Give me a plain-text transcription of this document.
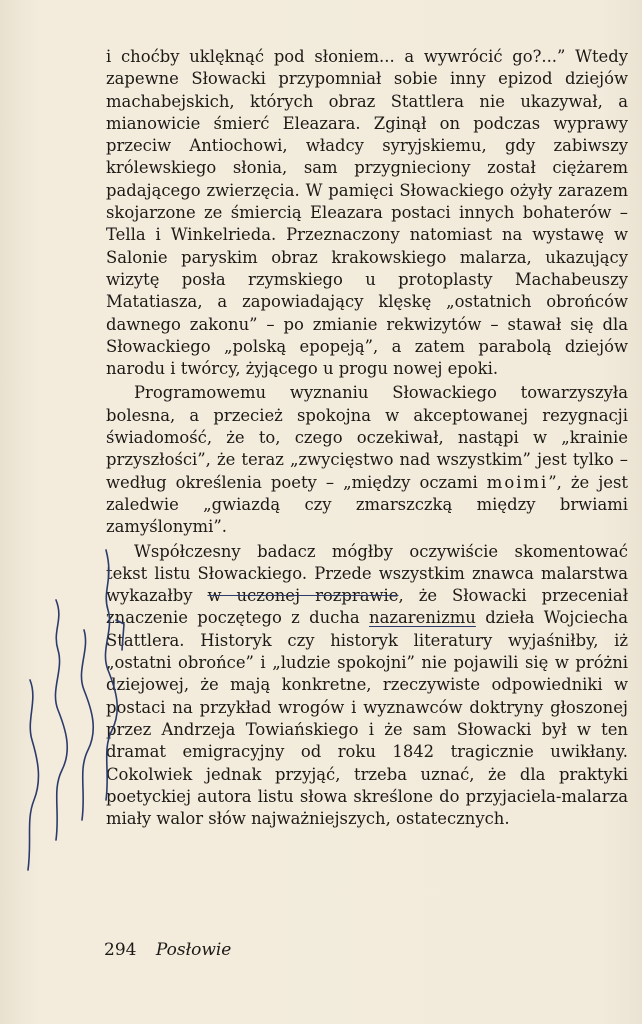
i choćby uklęknąć pod słoniem... a wywrócić go?...” Wtedy zapewne Słowacki przypomniał sobie inny epizod dziejów machabejskich, których obraz Stattlera nie ukazywał, a mianowicie śmierć Eleazara. Zginął on podczas wyprawy przeciw Antiochowi, władcy syryjskiemu, gdy zabiwszy królewskiego słonia, sam przygnieciony został ciężarem padającego zwierzęcia. W pamięci Słowackiego ożyły zarazem skojarzone ze śmiercią Eleazara postaci innych bohaterów – Tella i Winkelrieda. Przeznaczony natomiast na wystawę w Salonie paryskim obraz krakowskiego malarza, ukazujący wizytę posła rzymskiego u protoplasty Machabeuszy Matatiasza, a zapowiadający klęskę „ostatnich obrońców dawnego zakonu” – po zmianie rekwizytów – stawał się dla Słowackiego „polską epopeją”, a zatem parabolą dziejów narodu i twórcy, żyjącego u progu nowej epoki.

Programowemu wyznaniu Słowackiego towarzyszyła bolesna, a przecież spokojna w akceptowanej rezygnacji świadomość, że to, czego oczekiwał, nastąpi w „krainie przyszłości”, że teraz „zwycięstwo nad wszystkim” jest tylko – według określenia poety – „między oczami moimi”, że jest zaledwie „gwiazdą czy zmarszczką między brwiami zamyślonymi”.

Współczesny badacz mógłby oczywiście skomentować tekst listu Słowackiego. Przede wszystkim znawca malarstwa wykazałby w uczonej rozprawie, że Słowacki przeceniał znaczenie poczętego z ducha nazarenizmu dzieła Wojciecha Stattlera. Historyk czy historyk literatury wyjaśniłby, iż „ostatni obrońce” i „ludzie spokojni” nie pojawili się w próżni dziejowej, że mają konkretne, rzeczywiste odpowiedniki w postaci na przykład wrogów i wyznawców doktryny głoszonej przez Andrzeja Towiańskiego i że sam Słowacki był w ten dramat emigracyjny od roku 1842 tragicznie uwikłany. Cokolwiek jednak przyjąć, trzeba uznać, że dla praktyki poetyckiej autora listu słowa skreślone do przyjaciela-malarza miały walor słów najważniejszych, ostatecznych.

294 Posłowie
